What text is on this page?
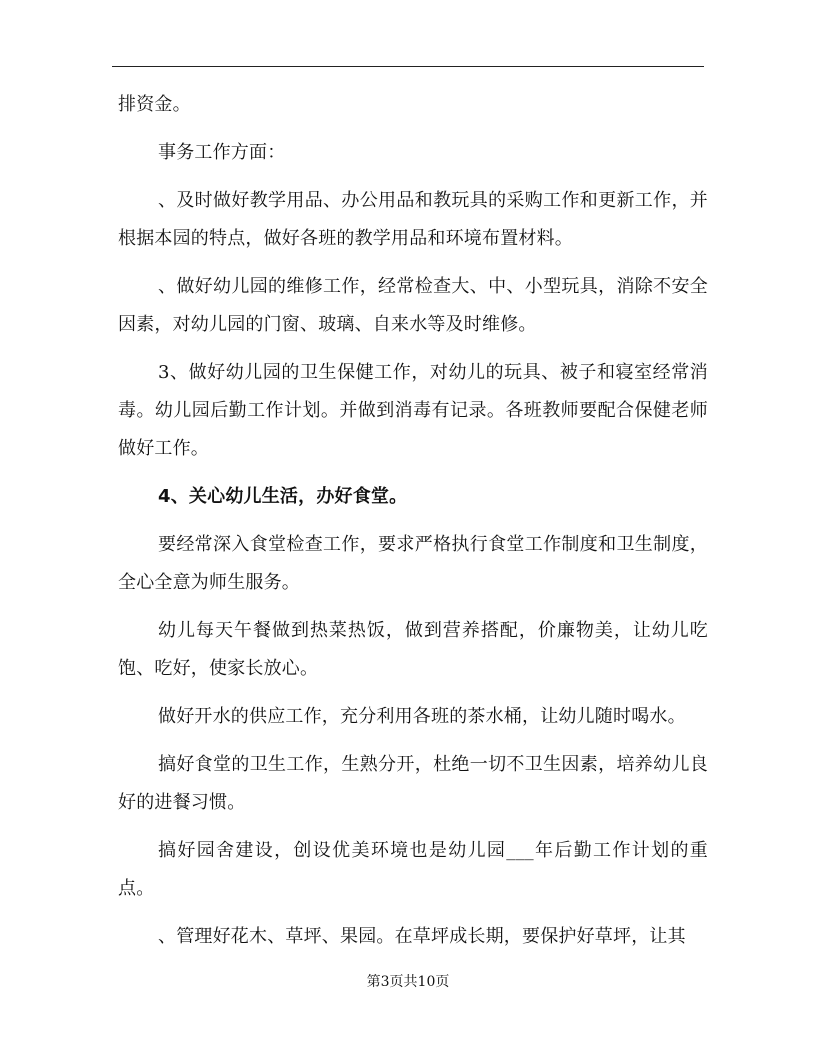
排资金。

事务工作方面：

、及时做好教学用品、办公用品和教玩具的采购工作和更新工作，并根据本园的特点，做好各班的教学用品和环境布置材料。

、做好幼儿园的维修工作，经常检查大、中、小型玩具，消除不安全因素，对幼儿园的门窗、玻璃、自来水等及时维修。

3、做好幼儿园的卫生保健工作，对幼儿的玩具、被子和寝室经常消毒。幼儿园后勤工作计划。并做到消毒有记录。各班教师要配合保健老师做好工作。

4、关心幼儿生活，办好食堂。

要经常深入食堂检查工作，要求严格执行食堂工作制度和卫生制度，全心全意为师生服务。

幼儿每天午餐做到热菜热饭，做到营养搭配，价廉物美，让幼儿吃饱、吃好，使家长放心。

做好开水的供应工作，充分利用各班的茶水桶，让幼儿随时喝水。

搞好食堂的卫生工作，生熟分开，杜绝一切不卫生因素，培养幼儿良好的进餐习惯。

搞好园舍建设，创设优美环境也是幼儿园___年后勤工作计划的重点。

、管理好花木、草坪、果园。在草坪成长期，要保护好草坪，让其

第3页共10页
